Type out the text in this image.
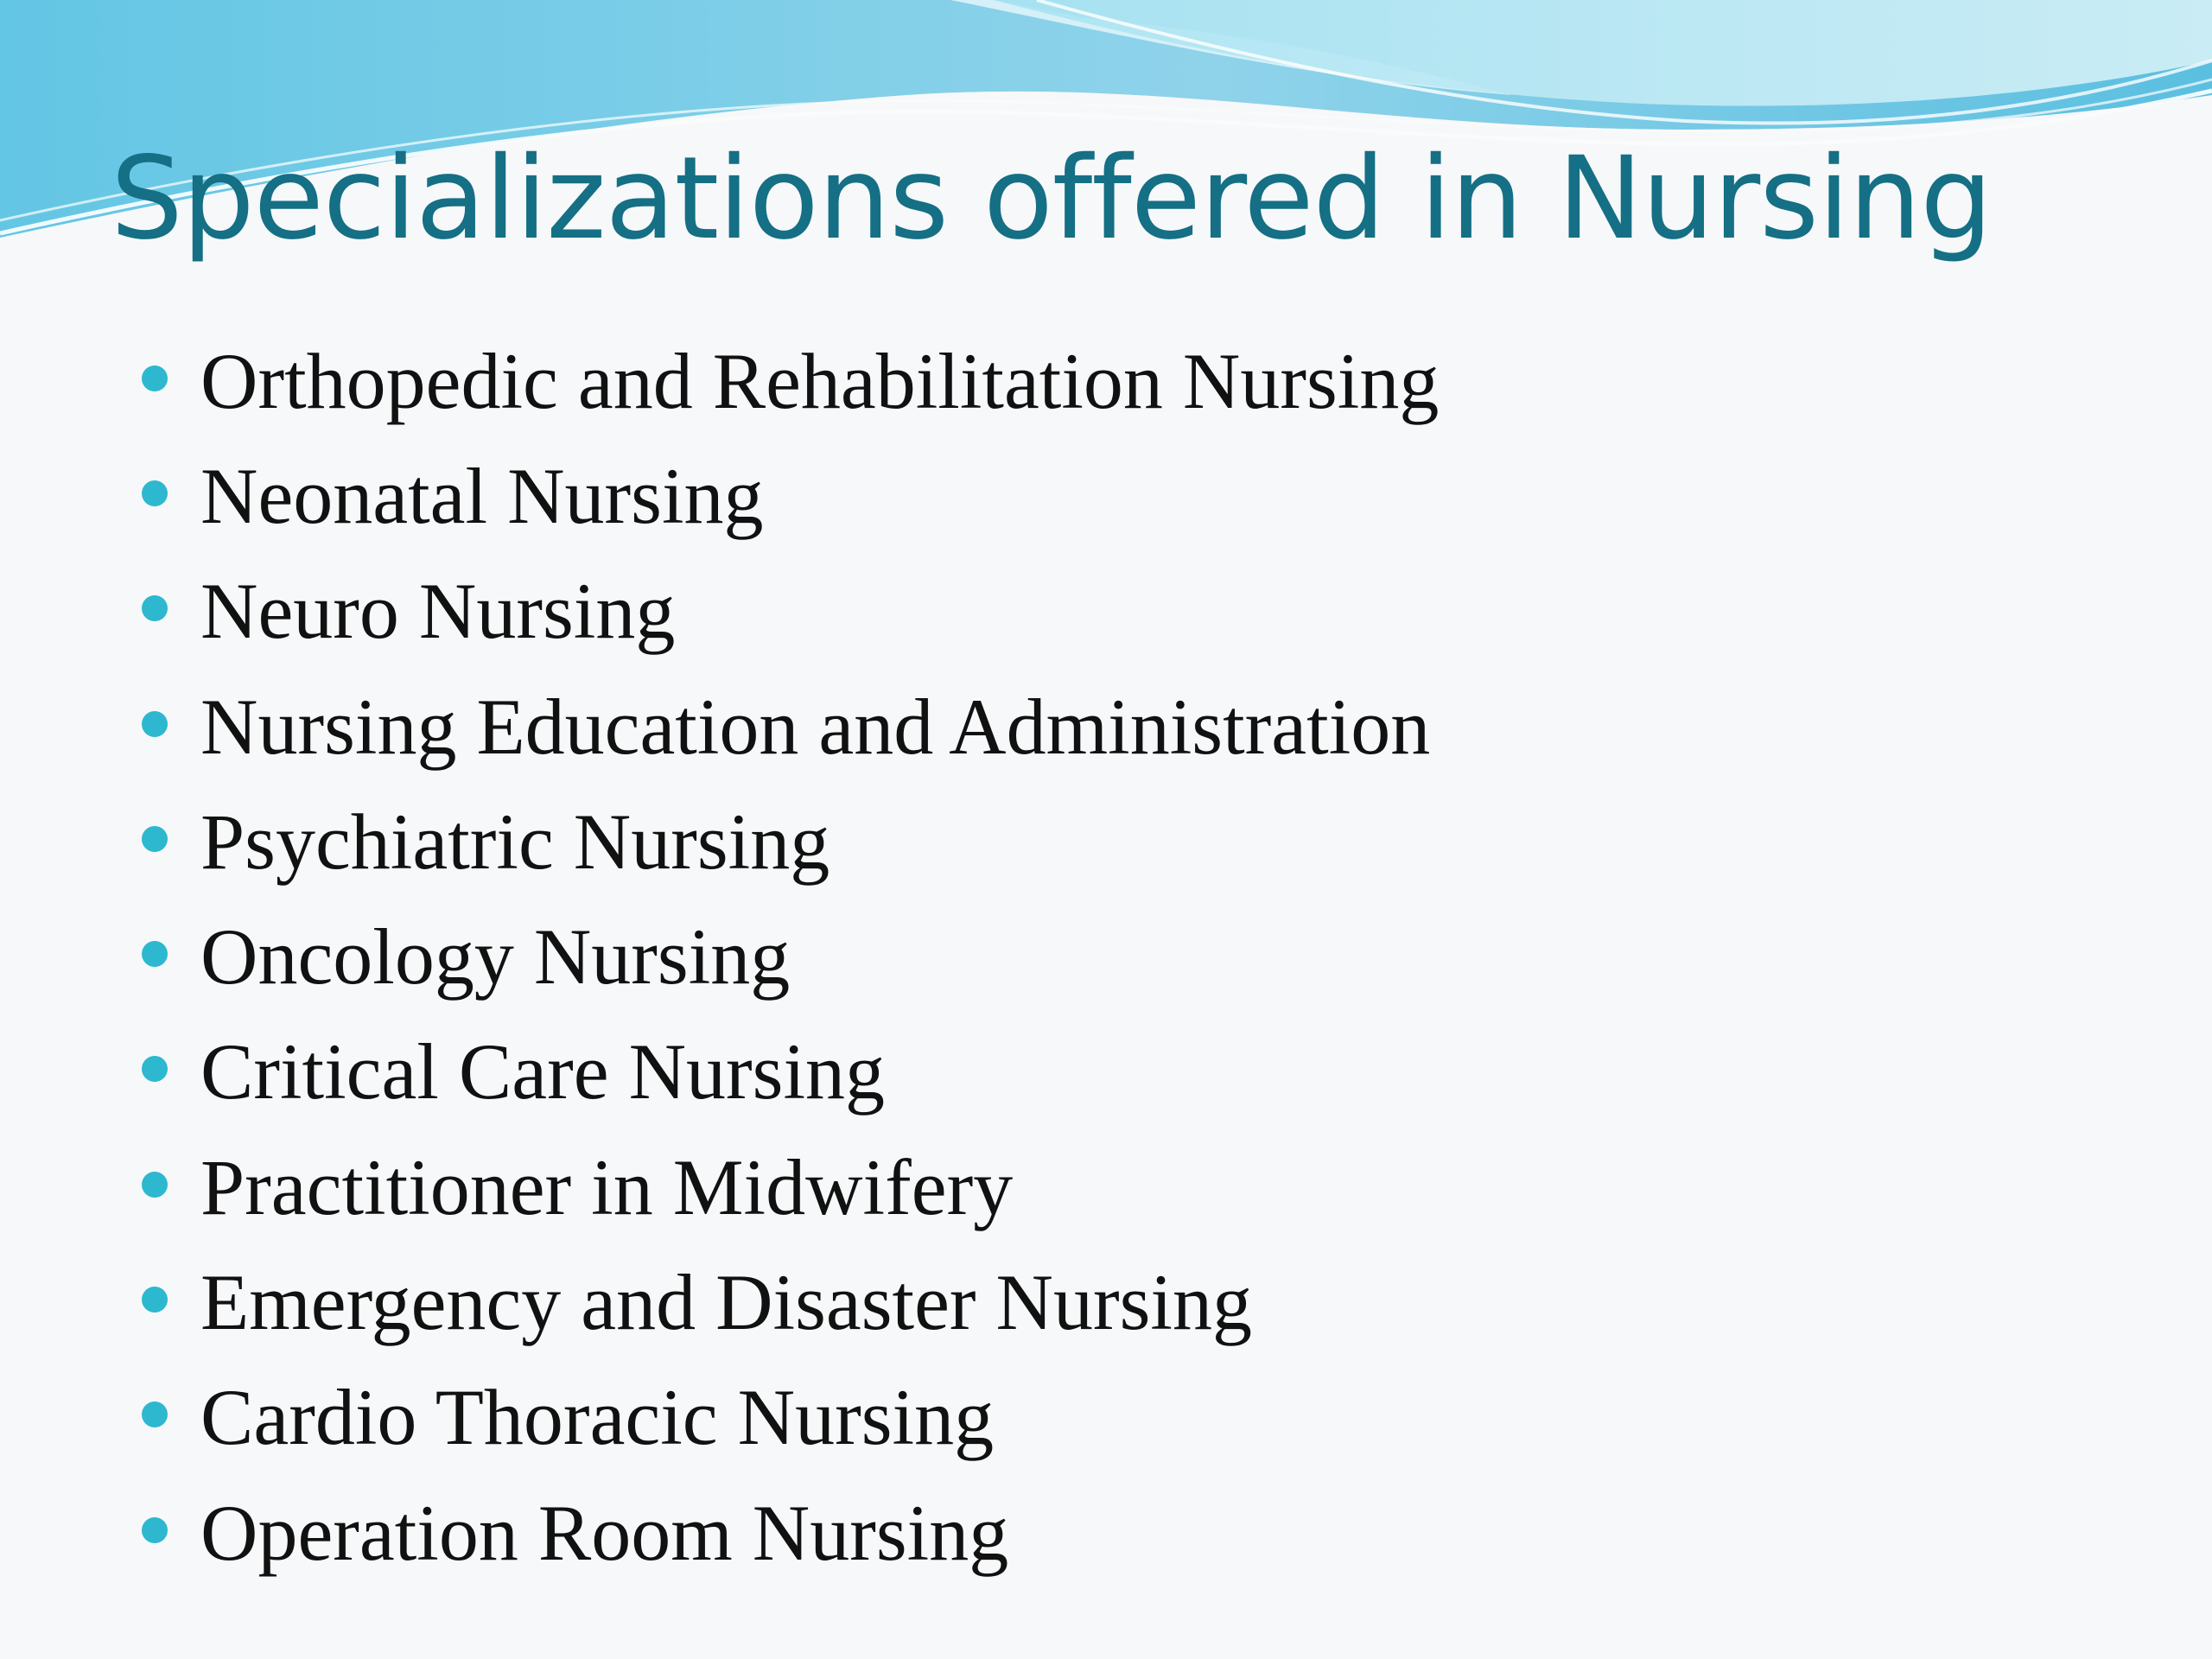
Specializations offered in Nursing
Orthopedic and Rehabilitation Nursing
Neonatal Nursing
Neuro Nursing
Nursing Education and Administration
Psychiatric Nursing
Oncology Nursing
Critical Care Nursing
Practitioner in Midwifery
Emergency and Disaster Nursing
Cardio Thoracic Nursing
Operation Room Nursing
